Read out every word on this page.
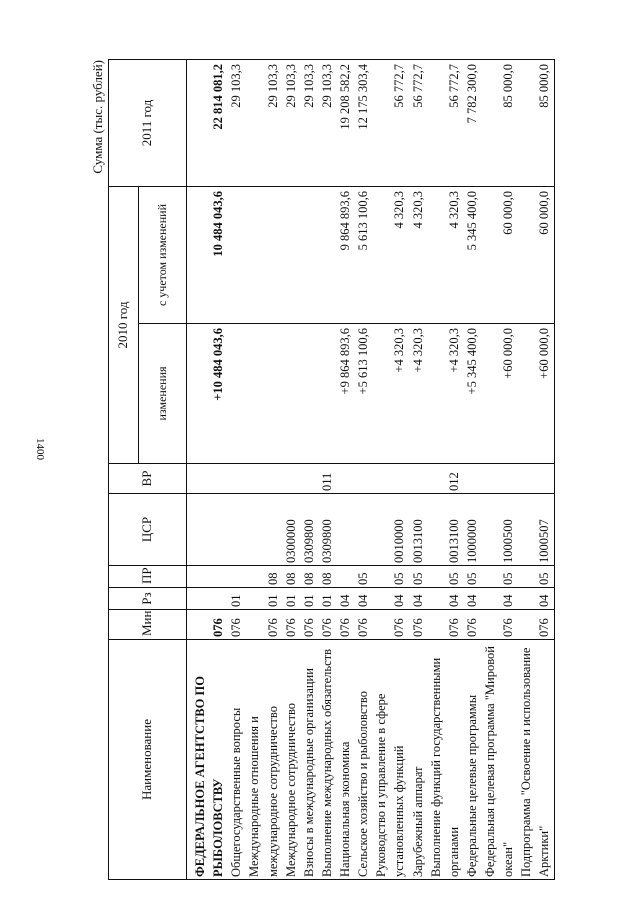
1400
Сумма (тыс. рублей)
Наименование	Мин	Рз	ПР	ЦСР	ВР	2010 год		2011 год
						изменения	с учетом изменений	
ФЕДЕРАЛЬНОЕ АГЕНТСТВО ПО РЫБОЛОВСТВУ	076					+10 484 043,6	10 484 043,6	22 814 081,2
Общегосударственные вопросы	076	01						29 103,3
Международные отношения и международное сотрудничество	076	01	08					29 103,3
Международное сотрудничество	076	01	08	0300000				29 103,3
Взносы в международные организации	076	01	08	0309800				29 103,3
Выполнение международных обязательств	076	01	08	0309800	011			29 103,3
Национальная экономика	076	04				+9 864 893,6	9 864 893,6	19 208 582,2
Сельское хозяйство и рыболовство	076	04	05			+5 613 100,6	5 613 100,6	12 175 303,4
Руководство и управление в сфере установленных функций	076	04	05	0010000		+4 320,3	4 320,3	56 772,7
Зарубежный аппарат	076	04	05	0013100		+4 320,3	4 320,3	56 772,7
Выполнение функций государственными органами	076	04	05	0013100	012	+4 320,3	4 320,3	56 772,7
Федеральные целевые программы	076	04	05	1000000		+5 345 400,0	5 345 400,0	7 782 300,0
Федеральная целевая программа "Мировой океан"	076	04	05	1000500		+60 000,0	60 000,0	85 000,0
Подпрограмма "Освоение и использование Арктики"	076	04	05	1000507		+60 000,0	60 000,0	85 000,0
